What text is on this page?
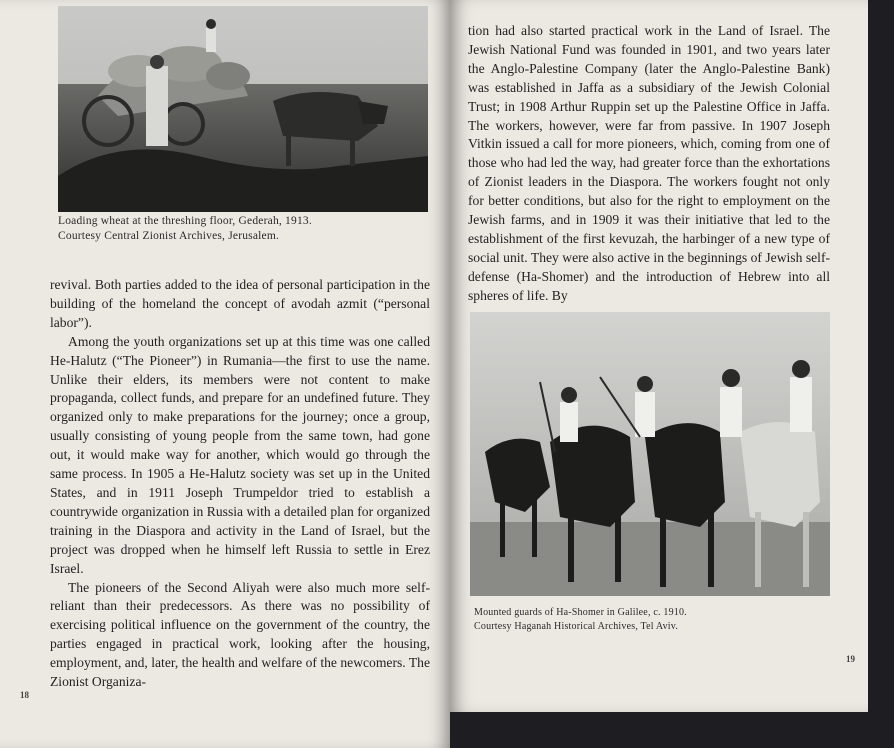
Loading wheat at the threshing floor, Gederah, 1913.
Courtesy Central Zionist Archives, Jerusalem.

revival. Both parties added to the idea of personal participation in the building of the homeland the concept of avodah azmit (“personal labor”).

Among the youth organizations set up at this time was one called He-Halutz (“The Pioneer”) in Rumania—the first to use the name. Unlike their elders, its members were not content to make propaganda, collect funds, and prepare for an undefined future. They organized only to make preparations for the journey; once a group, usually consisting of young people from the same town, had gone out, it would make way for another, which would go through the same process. In 1905 a He-Halutz society was set up in the United States, and in 1911 Joseph Trumpeldor tried to establish a countrywide organization in Russia with a detailed plan for organized training in the Diaspora and activity in the Land of Israel, but the project was dropped when he himself left Russia to settle in Erez Israel.

The pioneers of the Second Aliyah were also much more self-reliant than their predecessors. As there was no possibility of exercising political influence on the government of the country, the parties engaged in practical work, looking after the housing, employment, and, later, the health and welfare of the newcomers. The Zionist Organiza-

18

tion had also started practical work in the Land of Israel. The Jewish National Fund was founded in 1901, and two years later the Anglo-Palestine Company (later the Anglo-Palestine Bank) was established in Jaffa as a subsidiary of the Jewish Colonial Trust; in 1908 Arthur Ruppin set up the Palestine Office in Jaffa. The workers, however, were far from passive. In 1907 Joseph Vitkin issued a call for more pioneers, which, coming from one of those who had led the way, had greater force than the exhortations of Zionist leaders in the Diaspora. The workers fought not only for better conditions, but also for the right to employment on the Jewish farms, and in 1909 it was their initiative that led to the establishment of the first kevuzah, the harbinger of a new type of social unit. They were also active in the beginnings of Jewish self-defense (Ha-Shomer) and the introduction of Hebrew into all spheres of life. By

Mounted guards of Ha-Shomer in Galilee, c. 1910.
Courtesy Haganah Historical Archives, Tel Aviv.
19
